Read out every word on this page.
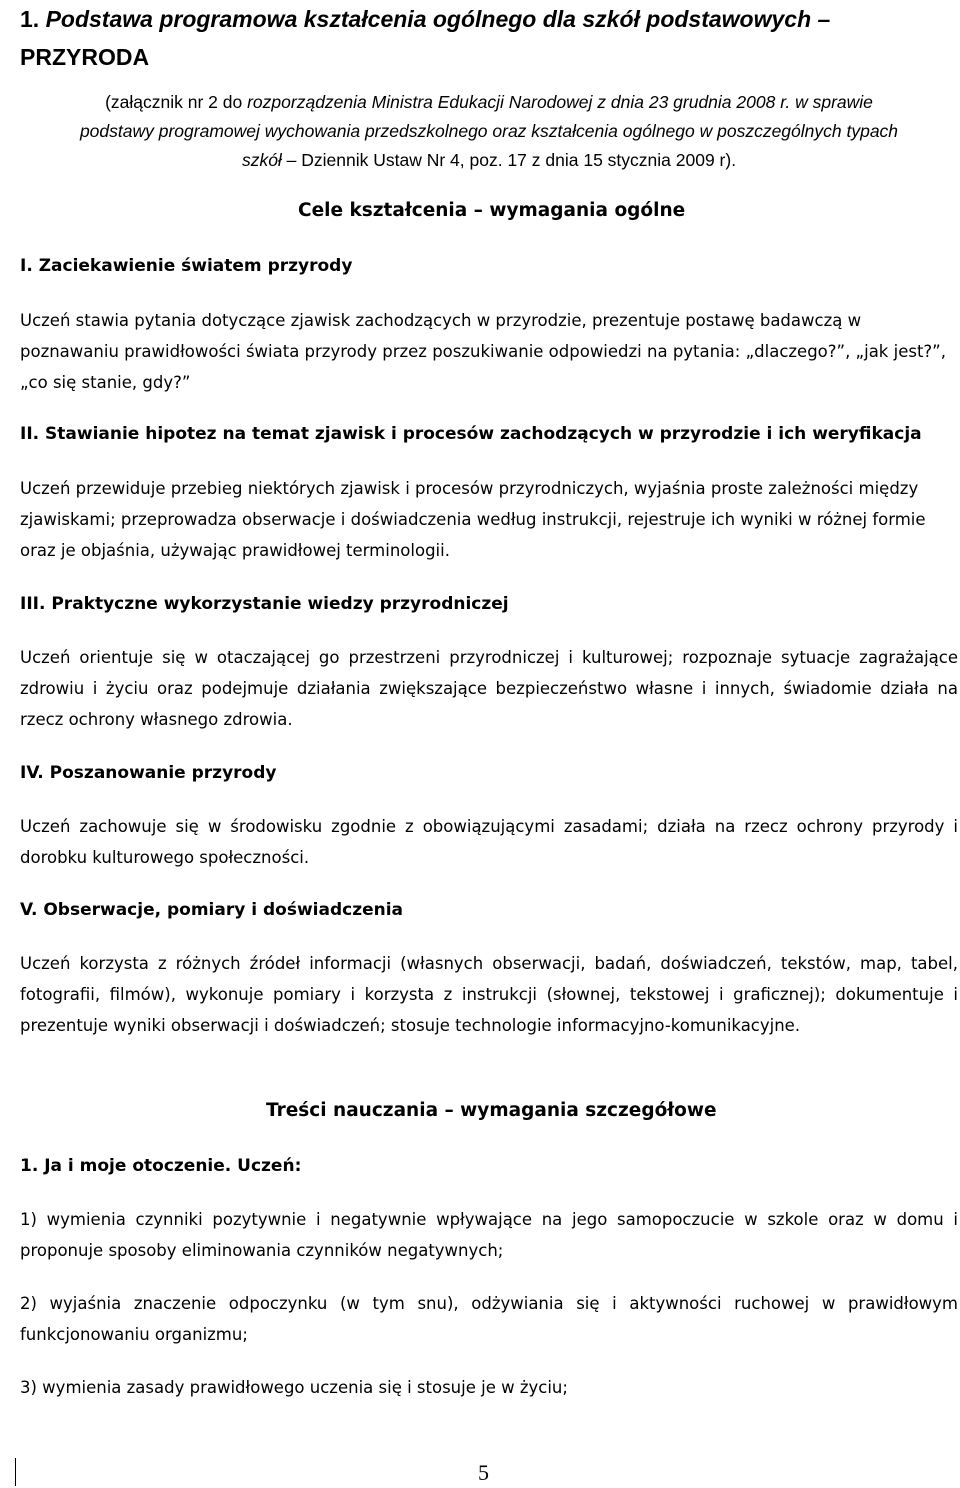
1. Podstawa programowa kształcenia ogólnego dla szkół podstawowych –
PRZYRODA
(załącznik nr 2 do rozporządzenia Ministra Edukacji Narodowej z dnia 23 grudnia 2008 r. w sprawie
podstawy programowej wychowania przedszkolnego oraz kształcenia ogólnego w poszczególnych typach
szkół – Dziennik Ustaw Nr 4, poz. 17 z dnia 15 stycznia 2009 r).
Cele kształcenia – wymagania ogólne
I. Zaciekawienie światem przyrody
Uczeń stawia pytania dotyczące zjawisk zachodzących w przyrodzie, prezentuje postawę badawczą w poznawaniu prawidłowości świata przyrody przez poszukiwanie odpowiedzi na pytania: „dlaczego?”, „jak jest?”, „co się stanie, gdy?”
II. Stawianie hipotez na temat zjawisk i procesów zachodzących w przyrodzie i ich weryfikacja
Uczeń przewiduje przebieg niektórych zjawisk i procesów przyrodniczych, wyjaśnia proste zależności między zjawiskami; przeprowadza obserwacje i doświadczenia według instrukcji, rejestruje ich wyniki w różnej formie oraz je objaśnia, używając prawidłowej terminologii.
III. Praktyczne wykorzystanie wiedzy przyrodniczej
Uczeń orientuje się w otaczającej go przestrzeni przyrodniczej i kulturowej; rozpoznaje sytuacje zagrażające zdrowiu i życiu oraz podejmuje działania zwiększające bezpieczeństwo własne i innych, świadomie działa na rzecz ochrony własnego zdrowia.
IV. Poszanowanie przyrody
Uczeń zachowuje się w środowisku zgodnie z obowiązującymi zasadami; działa na rzecz ochrony przyrody i dorobku kulturowego społeczności.
V. Obserwacje, pomiary i doświadczenia
Uczeń korzysta z różnych źródeł informacji (własnych obserwacji, badań, doświadczeń, tekstów, map, tabel, fotografii, filmów), wykonuje pomiary i korzysta z instrukcji (słownej, tekstowej i graficznej); dokumentuje i prezentuje wyniki obserwacji i doświadczeń; stosuje technologie informacyjno-komunikacyjne.
Treści nauczania – wymagania szczegółowe
1. Ja i moje otoczenie. Uczeń:
1) wymienia czynniki pozytywnie i negatywnie wpływające na jego samopoczucie w szkole oraz w domu i proponuje sposoby eliminowania czynników negatywnych;
2) wyjaśnia znaczenie odpoczynku (w tym snu), odżywiania się i aktywności ruchowej w prawidłowym funkcjonowaniu organizmu;
3) wymienia zasady prawidłowego uczenia się i stosuje je w życiu;
5
